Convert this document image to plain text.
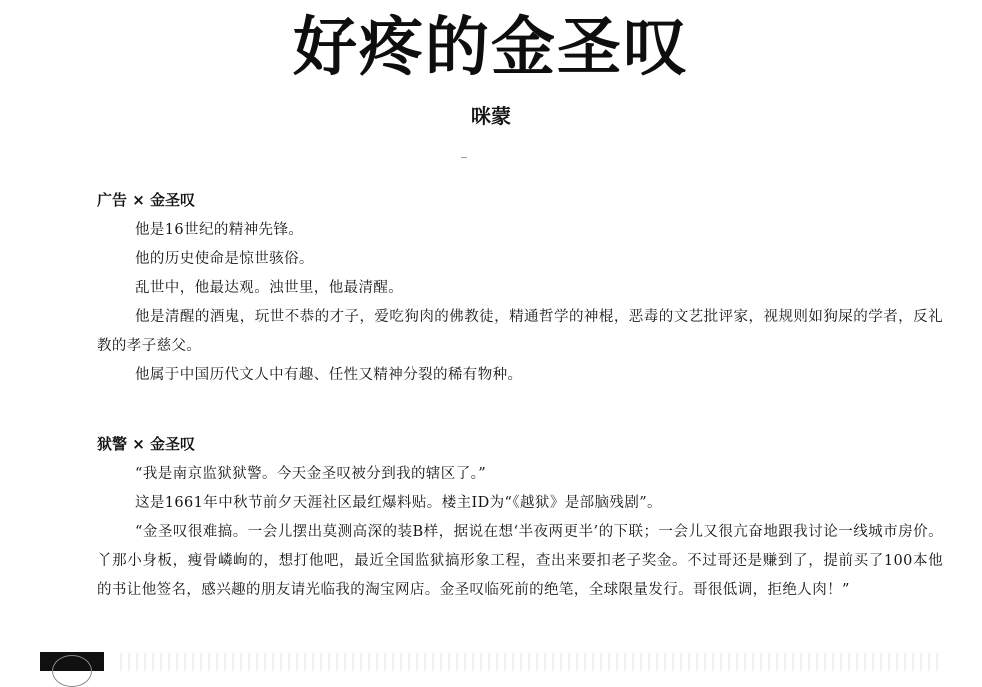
好疼的金圣叹
咪蒙
广告 × 金圣叹

他是16世纪的精神先锋。

他的历史使命是惊世骇俗。

乱世中，他最达观。浊世里，他最清醒。

他是清醒的酒鬼，玩世不恭的才子，爱吃狗肉的佛教徒，精通哲学的神棍，恶毒的文艺批评家，视规则如狗屎的学者，反礼教的孝子慈父。

他属于中国历代文人中有趣、任性又精神分裂的稀有物种。

狱警 × 金圣叹

“我是南京监狱狱警。今天金圣叹被分到我的辖区了。”

这是1661年中秋节前夕天涯社区最红爆料贴。楼主ID为“《越狱》是部脑残剧”。

“金圣叹很难搞。一会儿摆出莫测高深的装B样，据说在想‘半夜两更半’的下联；一会儿又很亢奋地跟我讨论一线城市房价。丫那小身板，瘦骨嶙峋的，想打他吧，最近全国监狱搞形象工程，查出来要扣老子奖金。不过哥还是赚到了，提前买了100本他的书让他签名，感兴趣的朋友请光临我的淘宝网店。金圣叹临死前的绝笔，全球限量发行。哥很低调，拒绝人肉！”
